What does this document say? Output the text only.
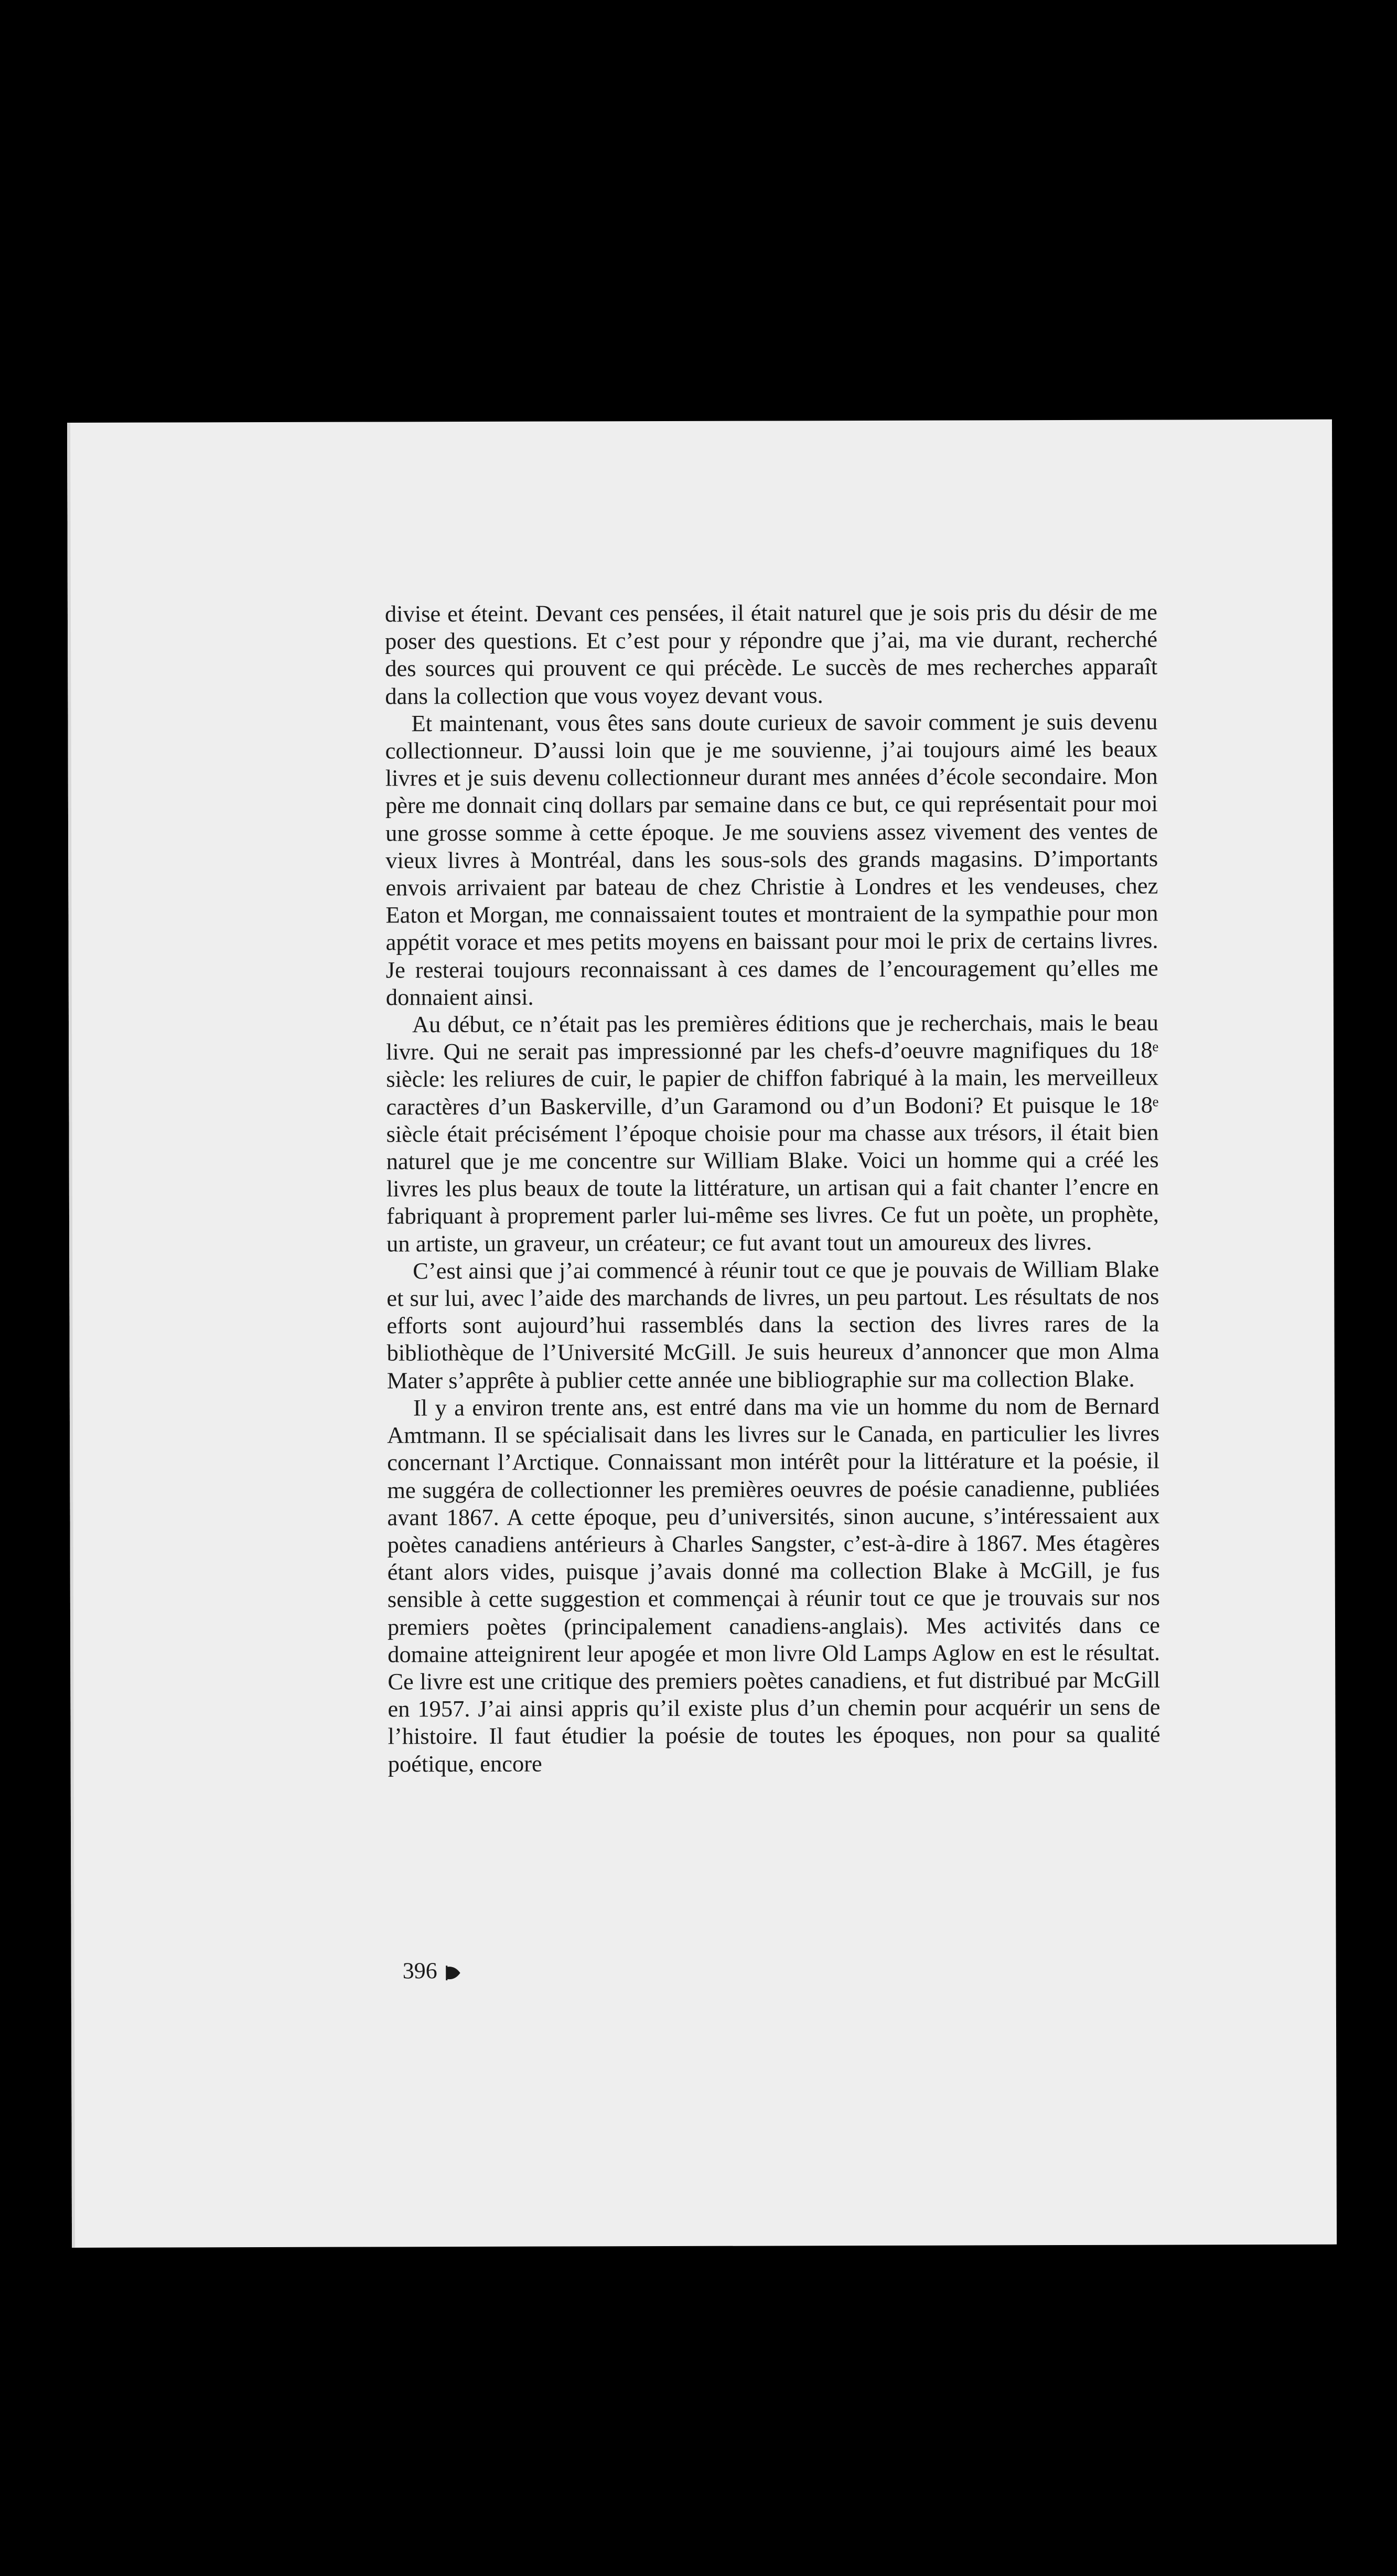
divise et éteint. Devant ces pensées, il était naturel que je sois pris du désir de me poser des questions. Et c’est pour y répondre que j’ai, ma vie durant, recherché des sources qui prouvent ce qui précède. Le succès de mes recherches apparaît dans la collection que vous voyez devant vous.

Et maintenant, vous êtes sans doute curieux de savoir comment je suis devenu collectionneur. D’aussi loin que je me souvienne, j’ai toujours aimé les beaux livres et je suis devenu collectionneur durant mes années d’école secondaire. Mon père me donnait cinq dollars par semaine dans ce but, ce qui représentait pour moi une grosse somme à cette époque. Je me souviens assez vivement des ventes de vieux livres à Montréal, dans les sous-sols des grands magasins. D’importants envois arrivaient par bateau de chez Christie à Londres et les vendeuses, chez Eaton et Morgan, me connaissaient toutes et montraient de la sympathie pour mon appétit vorace et mes petits moyens en baissant pour moi le prix de certains livres. Je resterai toujours reconnaissant à ces dames de l’encouragement qu’elles me donnaient ainsi.

Au début, ce n’était pas les premières éditions que je recherchais, mais le beau livre. Qui ne serait pas impressionné par les chefs-d’oeuvre magnifiques du 18ᵉ siècle: les reliures de cuir, le papier de chiffon fabriqué à la main, les merveilleux caractères d’un Baskerville, d’un Garamond ou d’un Bodoni? Et puisque le 18ᵉ siècle était précisément l’époque choisie pour ma chasse aux trésors, il était bien naturel que je me concentre sur William Blake. Voici un homme qui a créé les livres les plus beaux de toute la littérature, un artisan qui a fait chanter l’encre en fabriquant à proprement parler lui-même ses livres. Ce fut un poète, un prophète, un artiste, un graveur, un créateur; ce fut avant tout un amoureux des livres.

C’est ainsi que j’ai commencé à réunir tout ce que je pouvais de William Blake et sur lui, avec l’aide des marchands de livres, un peu partout. Les résultats de nos efforts sont aujourd’hui rassemblés dans la section des livres rares de la bibliothèque de l’Université McGill. Je suis heureux d’annoncer que mon Alma Mater s’apprête à publier cette année une bibliographie sur ma collection Blake.

Il y a environ trente ans, est entré dans ma vie un homme du nom de Bernard Amtmann. Il se spécialisait dans les livres sur le Canada, en particulier les livres concernant l’Arctique. Connaissant mon intérêt pour la littérature et la poésie, il me suggéra de collectionner les premières oeuvres de poésie canadienne, publiées avant 1867. A cette époque, peu d’universités, sinon aucune, s’intéressaient aux poètes canadiens antérieurs à Charles Sangster, c’est-à-dire à 1867. Mes étagères étant alors vides, puisque j’avais donné ma collection Blake à McGill, je fus sensible à cette suggestion et commençai à réunir tout ce que je trouvais sur nos premiers poètes (principalement canadiens-anglais). Mes activités dans ce domaine atteignirent leur apogée et mon livre Old Lamps Aglow en est le résultat. Ce livre est une critique des premiers poètes canadiens, et fut distribué par McGill en 1957. J’ai ainsi appris qu’il existe plus d’un chemin pour acquérir un sens de l’histoire. Il faut étudier la poésie de toutes les époques, non pour sa qualité poétique, encore

396
